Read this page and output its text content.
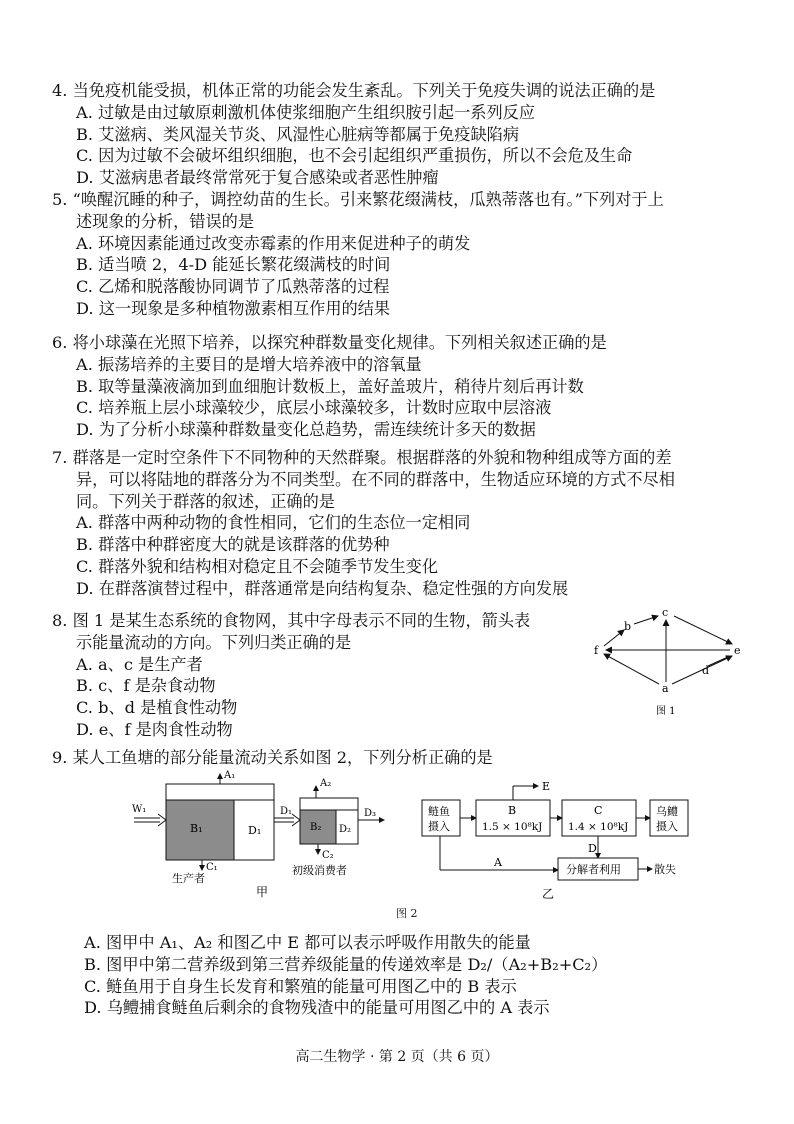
4. 当免疫机能受损，机体正常的功能会发生紊乱。下列关于免疫失调的说法正确的是
A. 过敏是由过敏原刺激机体使浆细胞产生组织胺引起一系列反应
B. 艾滋病、类风湿关节炎、风湿性心脏病等都属于免疫缺陷病
C. 因为过敏不会破坏组织细胞，也不会引起组织严重损伤，所以不会危及生命
D. 艾滋病患者最终常常死于复合感染或者恶性肿瘤
5. “唤醒沉睡的种子，调控幼苗的生长。引来繁花缀满枝，瓜熟蒂落也有。”下列对于上
述现象的分析，错误的是
A. 环境因素能通过改变赤霉素的作用来促进种子的萌发
B. 适当喷 2，4-D 能延长繁花缀满枝的时间
C. 乙烯和脱落酸协同调节了瓜熟蒂落的过程
D. 这一现象是多种植物激素相互作用的结果
6. 将小球藻在光照下培养，以探究种群数量变化规律。下列相关叙述正确的是
A. 振荡培养的主要目的是增大培养液中的溶氧量
B. 取等量藻液滴加到血细胞计数板上，盖好盖玻片，稍待片刻后再计数
C. 培养瓶上层小球藻较少，底层小球藻较多，计数时应取中层溶液
D. 为了分析小球藻种群数量变化总趋势，需连续统计多天的数据
7. 群落是一定时空条件下不同物种的天然群聚。根据群落的外貌和物种组成等方面的差
异，可以将陆地的群落分为不同类型。在不同的群落中，生物适应环境的方式不尽相
同。下列关于群落的叙述，正确的是
A. 群落中两种动物的食性相同，它们的生态位一定相同
B. 群落中种群密度大的就是该群落的优势种
C. 群落外貌和结构相对稳定且不会随季节发生变化
D. 在群落演替过程中，群落通常是向结构复杂、稳定性强的方向发展
8. 图 1 是某生态系统的食物网，其中字母表示不同的生物，箭头表
示能量流动的方向。下列归类正确的是
A. a、c 是生产者
B. c、f 是杂食动物
C. b、d 是植食性动物
D. e、f 是肉食性动物
c
b
f	e
d
a
图 1
9. 某人工鱼塘的部分能量流动关系如图 2，下列分析正确的是
W₁
B₁	D₁
A₁
C₁
生产者
D₁
B₂ D₂
A₂
C₂
初级消费者
D₃
甲
鲢鱼
摄入
B
1.5 × 10⁸kJ
E
C
1.4 × 10⁸kJ
乌鳢
摄入
D
A
分解者利用	散失
乙
图 2
A. 图甲中 A₁、A₂ 和图乙中 E 都可以表示呼吸作用散失的能量
B. 图甲中第二营养级到第三营养级能量的传递效率是 D₂/（A₂+B₂+C₂）
C. 鲢鱼用于自身生长发育和繁殖的能量可用图乙中的 B 表示
D. 乌鳢捕食鲢鱼后剩余的食物残渣中的能量可用图乙中的 A 表示
高二生物学 · 第 2 页（共 6 页）
